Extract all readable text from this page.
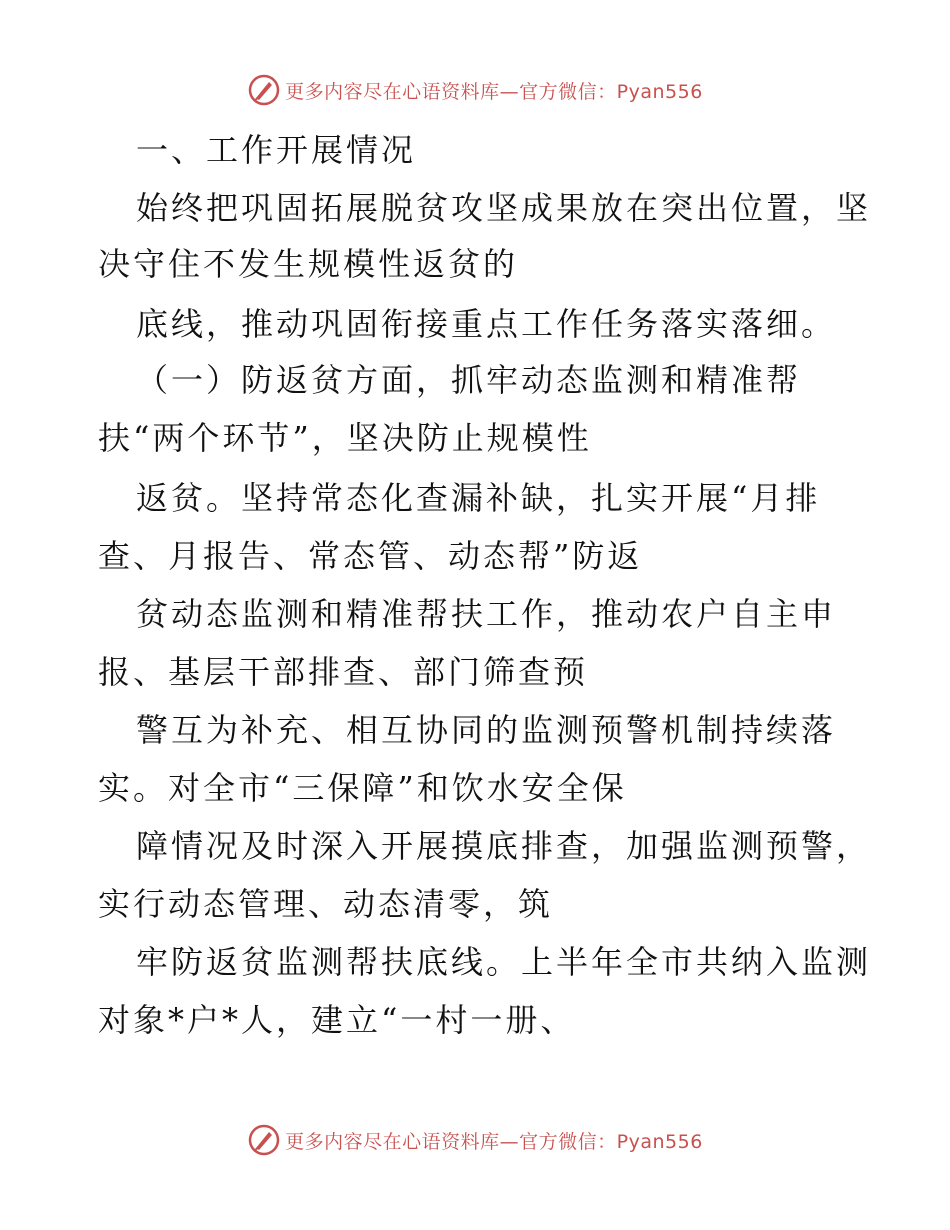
更多内容尽在心语资料库—官方微信：Pyan556
一、工作开展情况
始终把巩固拓展脱贫攻坚成果放在突出位置，坚
决守住不发生规模性返贫的
底线，推动巩固衔接重点工作任务落实落细。
（一）防返贫方面，抓牢动态监测和精准帮
扶“两个环节”，坚决防止规模性
返贫。坚持常态化查漏补缺，扎实开展“月排
查、月报告、常态管、动态帮”防返
贫动态监测和精准帮扶工作，推动农户自主申
报、基层干部排查、部门筛查预
警互为补充、相互协同的监测预警机制持续落
实。对全市“三保障”和饮水安全保
障情况及时深入开展摸底排查，加强监测预警，
实行动态管理、动态清零，筑
牢防返贫监测帮扶底线。上半年全市共纳入监测
对象*户*人，建立“一村一册、
更多内容尽在心语资料库—官方微信：Pyan556
